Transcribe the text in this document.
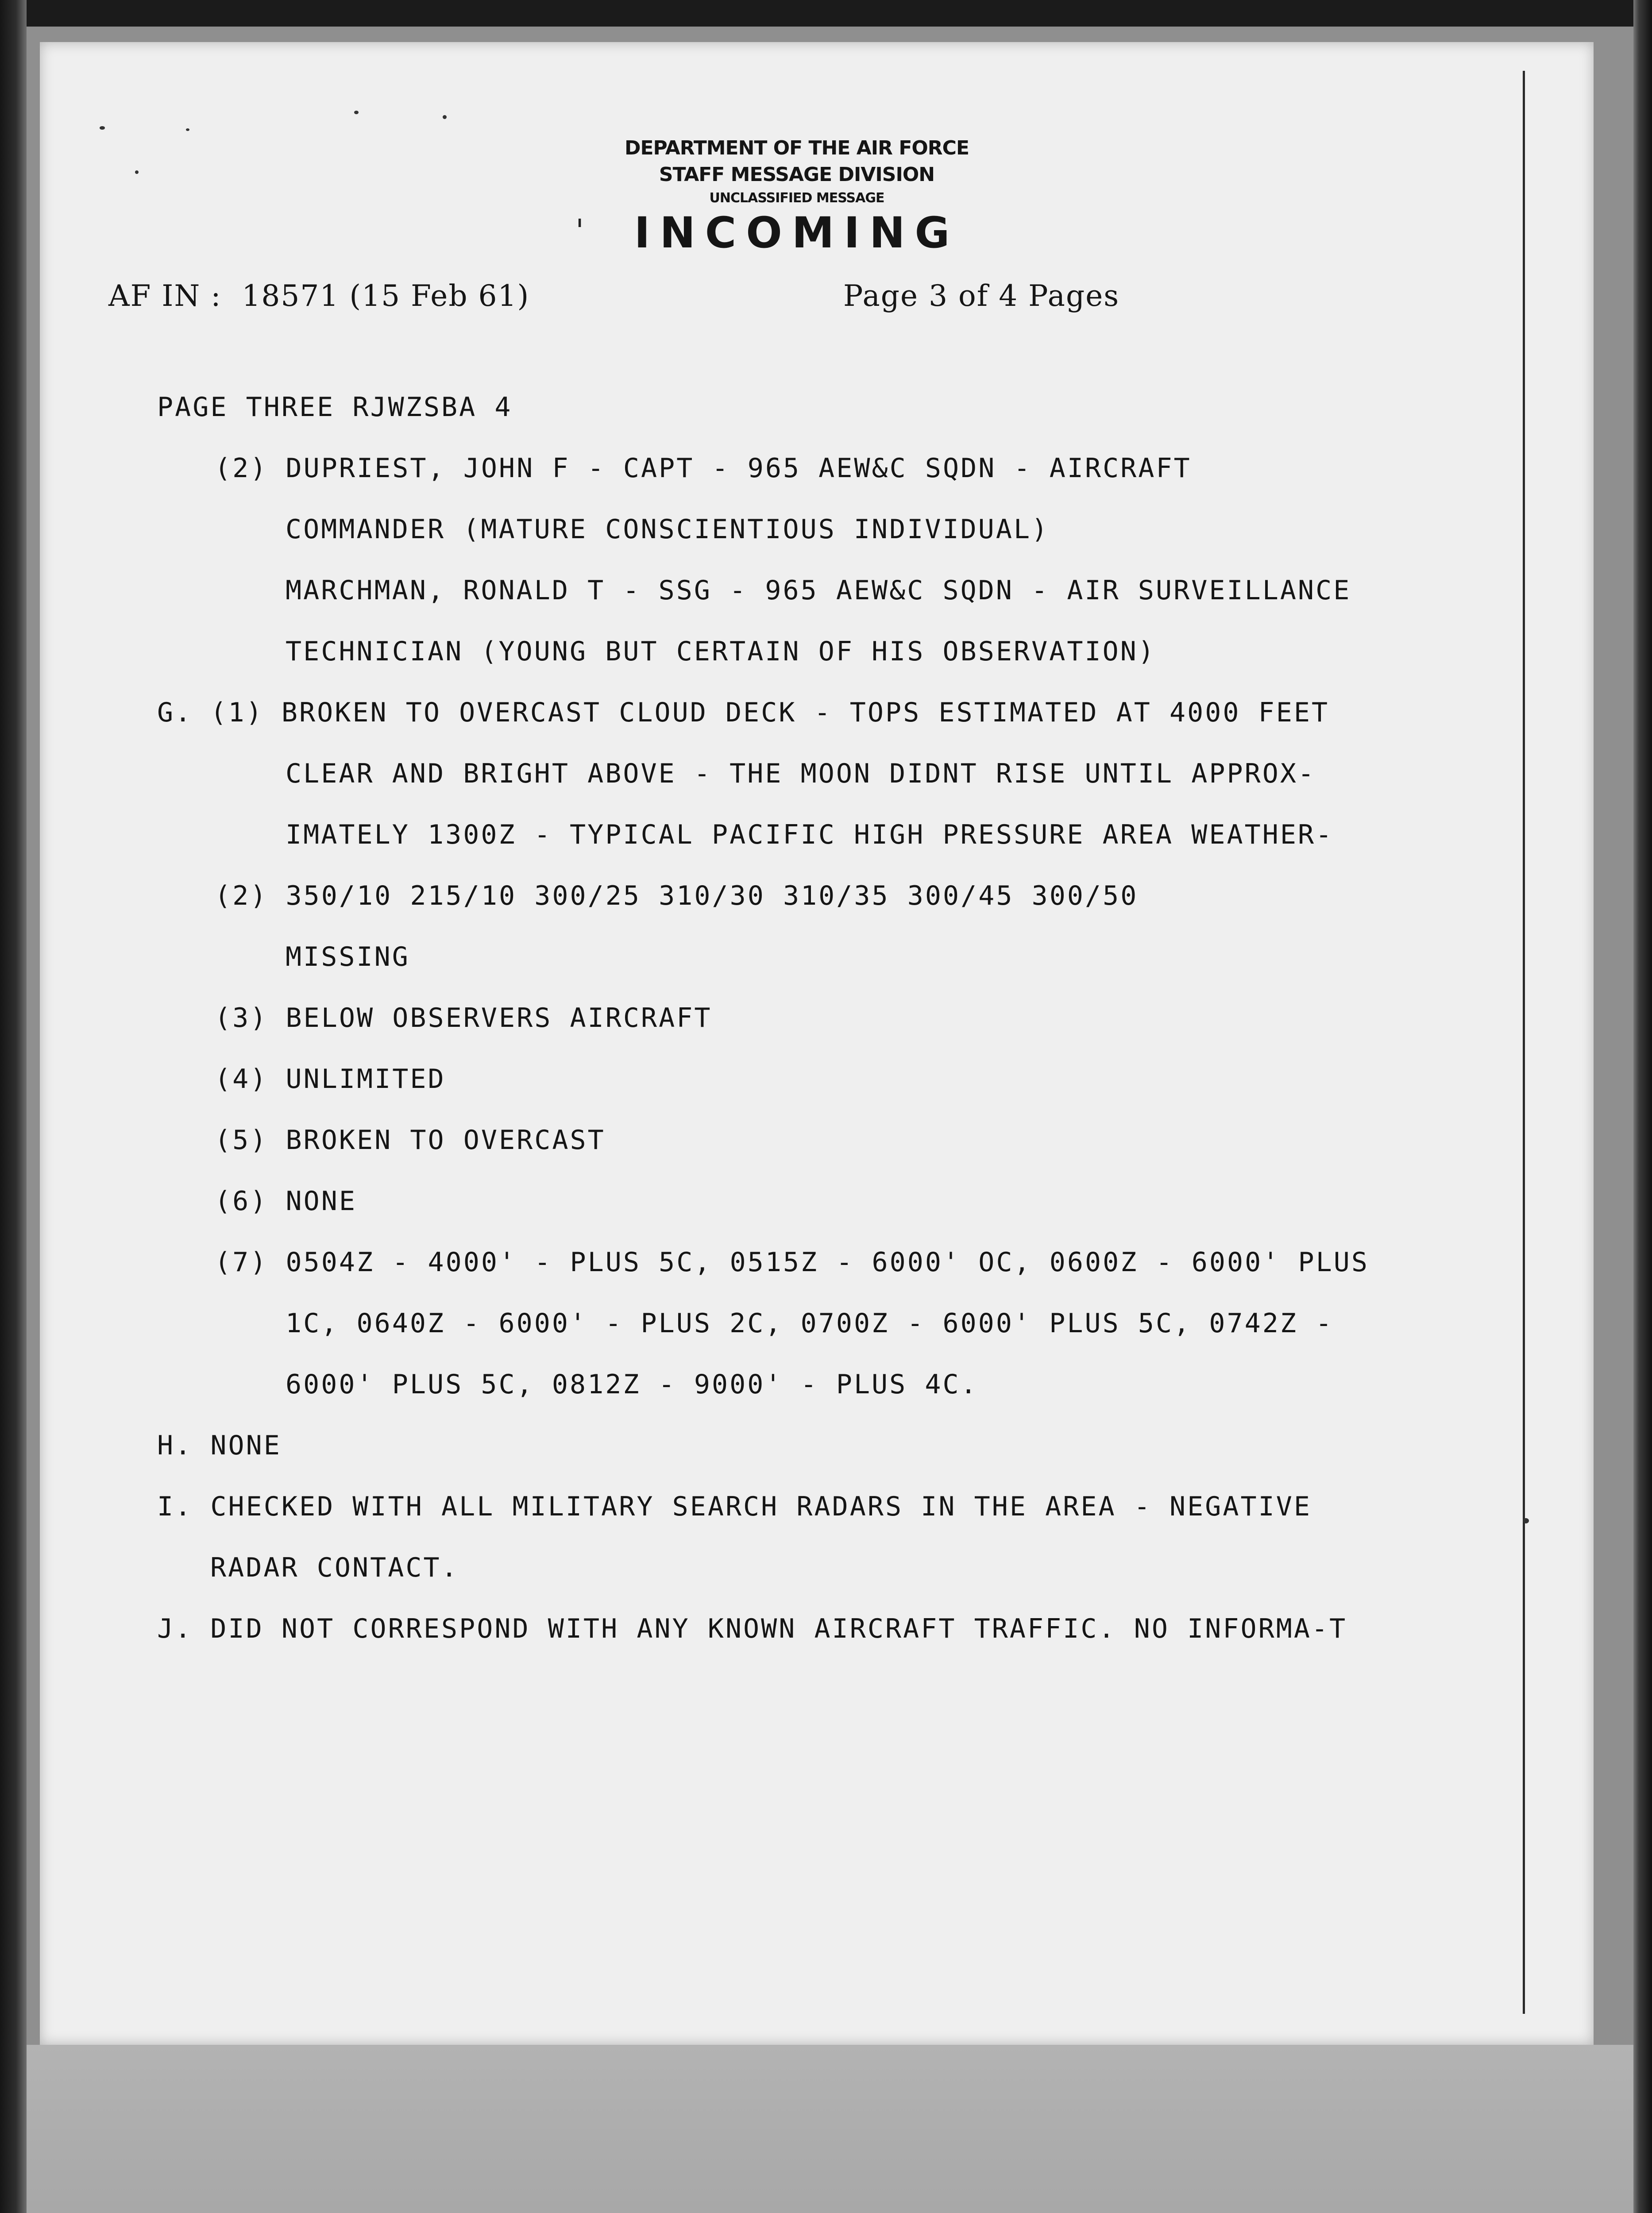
DEPARTMENT OF THE AIR FORCE
STAFF MESSAGE DIVISION
UNCLASSIFIED MESSAGE
INCOMING
'
AF IN :  18571 (15 Feb 61)	Page 3 of 4 Pages
PAGE THREE RJWZSBA 4
(2) DUPRIEST, JOHN F - CAPT - 965 AEW&C SQDN - AIRCRAFT
COMMANDER (MATURE CONSCIENTIOUS INDIVIDUAL)
MARCHMAN, RONALD T - SSG - 965 AEW&C SQDN - AIR SURVEILLANCE
TECHNICIAN (YOUNG BUT CERTAIN OF HIS OBSERVATION)
G. (1) BROKEN TO OVERCAST CLOUD DECK - TOPS ESTIMATED AT 4000 FEET
CLEAR AND BRIGHT ABOVE - THE MOON DIDNT RISE UNTIL APPROX-
IMATELY 1300Z - TYPICAL PACIFIC HIGH PRESSURE AREA WEATHER-
(2) 350/10 215/10 300/25 310/30 310/35 300/45 300/50
MISSING
(3) BELOW OBSERVERS AIRCRAFT
(4) UNLIMITED
(5) BROKEN TO OVERCAST
(6) NONE
(7) 0504Z - 4000' - PLUS 5C, 0515Z - 6000' OC, 0600Z - 6000' PLUS
1C, 0640Z - 6000' - PLUS 2C, 0700Z - 6000' PLUS 5C, 0742Z -
6000' PLUS 5C, 0812Z - 9000' - PLUS 4C.
H. NONE
I. CHECKED WITH ALL MILITARY SEARCH RADARS IN THE AREA - NEGATIVE
RADAR CONTACT.
J. DID NOT CORRESPOND WITH ANY KNOWN AIRCRAFT TRAFFIC. NO INFORMA-T
